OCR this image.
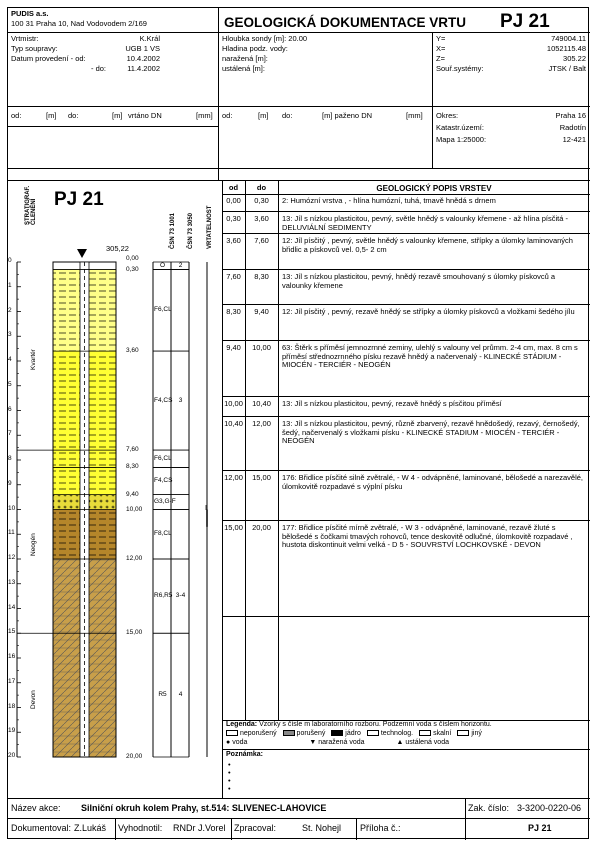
PUDIS a.s.
100 31 Praha 10, Nad Vodovodem 2/169	GEOLOGICKÁ DOKUMENTACE VRTU PJ 21
Vrtmistr:	K.Král
Typ soupravy:	UGB 1 VS
Datum provedení - od:	10.4.2002
- do:	11.4.2002
Hloubka sondy [m]: 20.00
Hladina podz. vody:
naražená [m]:
ustálená [m]:
Y=	749004.11
X=	1052115.48
Z=	305.22
Souř.systémy:	JTSK / Balt
od:	[m] do:	[m] vrtáno DN	[mm] od:	[m] do:	[m] paženo DN	[mm] Okres:	Praha 16
Katastr.území:	Radotín
Mapa 1:25000:	12-421
PJ 21
STRATIGRAF. ČLENĚNÍ
ČSN 73 1001 ČSN 73 3050 VRTATELNOST
305,22
0
1
2
3
4
5
6
7
8
9
10
11
12
13
14
15
16
17
18
19
20
0,00
0,30
3,60
7,60
8,30
9,40
10,00
12,00
15,00
20,00
O	2
F6,CL
F4,CS 3
F6,CL
F4,CS
G3,G-F
F8,CL
R6,R5 3-4
R5	4
I
Kvartér
Neogén
Devon
od	do	GEOLOGICKÝ POPIS VRSTEV
0,00	0,30	2: Humózní vrstva , - hlína humózní, tuhá, tmavě hnědá s drnem
0,30	3,60	13: Jíl s nízkou plasticitou, pevný, světle hnědý s valounky křemene - až hlína písčitá - DELUVIÁLNÍ SEDIMENTY
3,60	7,60	12: Jíl písčitý , pevný, světle hnědý s valounky křemene, střípky a úlomky laminovaných břidlic a pískovců vel. 0,5- 2 cm
7,60	8,30	13: Jíl s nízkou plasticitou, pevný, hnědý rezavě smouhovaný s úlomky pískovců a valounky křemene
8,30	9,40	12: Jíl písčitý , pevný, rezavě hnědý se střípky a úlomky pískovců a vložkami šedého jílu
9,40	10,00	63: Štěrk s příměsí jemnozrnné zeminy, ulehlý s valouny vel průmm. 2-4 cm, max. 8 cm s příměsí střednozrnného písku rezavě hnědý a načervenalý - KLINECKÉ STÁDIUM - MIOCÉN - TERCIÉR - NEOGÉN
10,00	10,40	13: Jíl s nízkou plasticitou, pevný, rezavě hnědý s písčitou příměsí
10,40	12,00	13: Jíl s nízkou plasticitou, pevný, různě zbarvený, rezavě hnědošedý, rezavý, černošedý, šedý, načervenalý s vložkami písku - KLINECKÉ STADIUM - MIOCÉN - TERCIÉR - NEOGÉN
12,00	15,00	176: Břidlice písčité silně zvětralé, - W 4 - odvápněné, laminované, bělošedé a narezavělé, úlomkovitě rozpadavé s výplní písku
15,00	20,00	177: Břidlice písčité mírně zvětralé, - W 3 - odvápněné, laminované, rezavě žluté s bělošedé s čočkami tmavých rohovců, tence deskovitě odlučné, úlomkovitě rozpadavé , hustota diskontinuit velmi velká - D 5 - SOUVRSTVÍ LOCHKOVSKÉ - DEVON
Legenda: Vzorky s čísle m laboratorního rozboru. Podzemní voda s číslem horizontu.
neporušený	porušený	jádro	technolog.	skalní	jiný
● voda	▼ naražená voda	▲ ustálená voda
Poznámka:
•
•
•
•
Název akce: Silniční okruh kolem Prahy, st.514: SLIVENEC-LAHOVICE	Zak. číslo: 3-3200-0220-06
Dokumentoval: Z.Lukáš Vyhodnotil: RNDr J.Vorel Zpracoval:	St. Nohejl Příloha č.:	PJ 21
